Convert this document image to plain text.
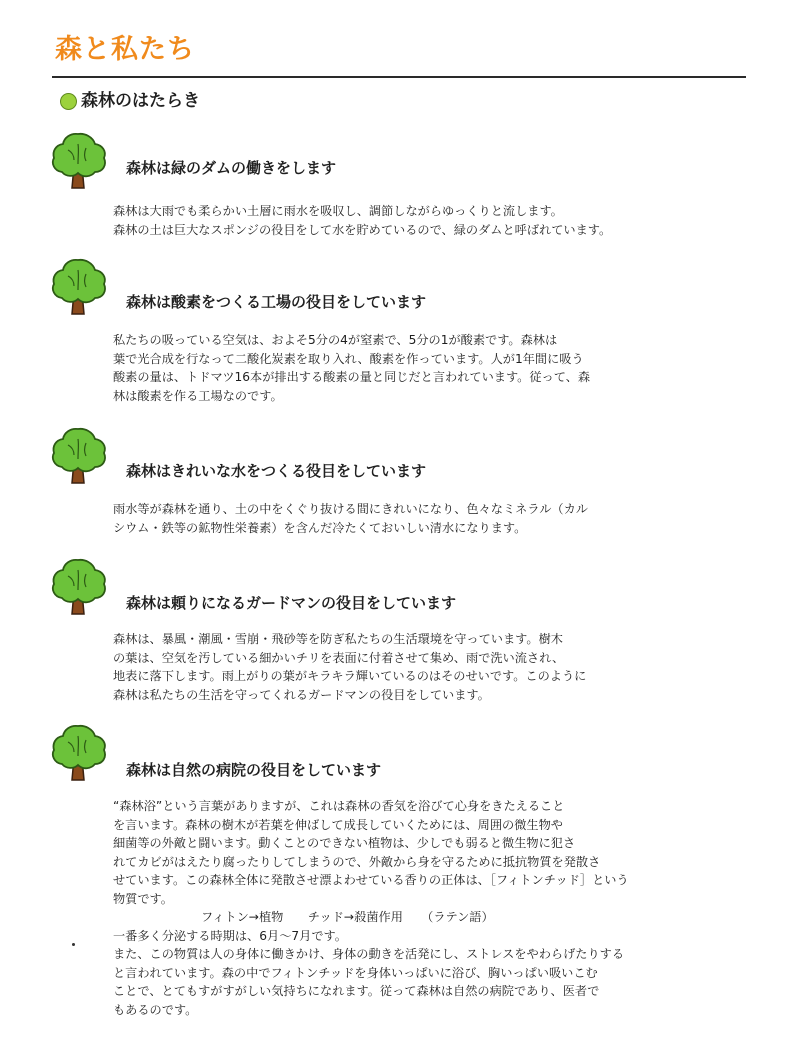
森と私たち
森林のはたらき
森林は緑のダムの働きをします

森林は大雨でも柔らかい土層に雨水を吸収し、調節しながらゆっくりと流します。

森林の土は巨大なスポンジの役目をして水を貯めているので、緑のダムと呼ばれています。

森林は酸素をつくる工場の役目をしています

私たちの吸っている空気は、およそ5分の4が窒素で、5分の1が酸素です。森林は

葉で光合成を行なって二酸化炭素を取り入れ、酸素を作っています。人が1年間に吸う

酸素の量は、トドマツ16本が排出する酸素の量と同じだと言われています。従って、森

林は酸素を作る工場なのです。

森林はきれいな水をつくる役目をしています

雨水等が森林を通り、土の中をくぐり抜ける間にきれいになり、色々なミネラル（カル

シウム・鉄等の鉱物性栄養素）を含んだ冷たくておいしい清水になります。

森林は頼りになるガードマンの役目をしています

森林は、暴風・潮風・雪崩・飛砂等を防ぎ私たちの生活環境を守っています。樹木

の葉は、空気を汚している細かいチリを表面に付着させて集め、雨で洗い流され、

地表に落下します。雨上がりの葉がキラキラ輝いているのはそのせいです。このように

森林は私たちの生活を守ってくれるガードマンの役目をしています。

森林は自然の病院の役目をしています

“森林浴”という言葉がありますが、これは森林の香気を浴びて心身をきたえること

を言います。森林の樹木が若葉を伸ばして成長していくためには、周囲の微生物や

細菌等の外敵と闘います。動くことのできない植物は、少しでも弱ると微生物に犯さ

れてカビがはえたり腐ったりしてしまうので、外敵から身を守るために抵抗物質を発散さ

せています。この森林全体に発散させ漂よわせている香りの正体は、［フィトンチッド］という

物質です。

フィトン→植物　　チッド→殺菌作用　　（ラテン語）

一番多く分泌する時期は、6月～7月です。

また、この物質は人の身体に働きかけ、身体の動きを活発にし、ストレスをやわらげたりする

と言われています。森の中でフィトンチッドを身体いっぱいに浴び、胸いっぱい吸いこむ

ことで、とてもすがすがしい気持ちになれます。従って森林は自然の病院であり、医者で

もあるのです。
